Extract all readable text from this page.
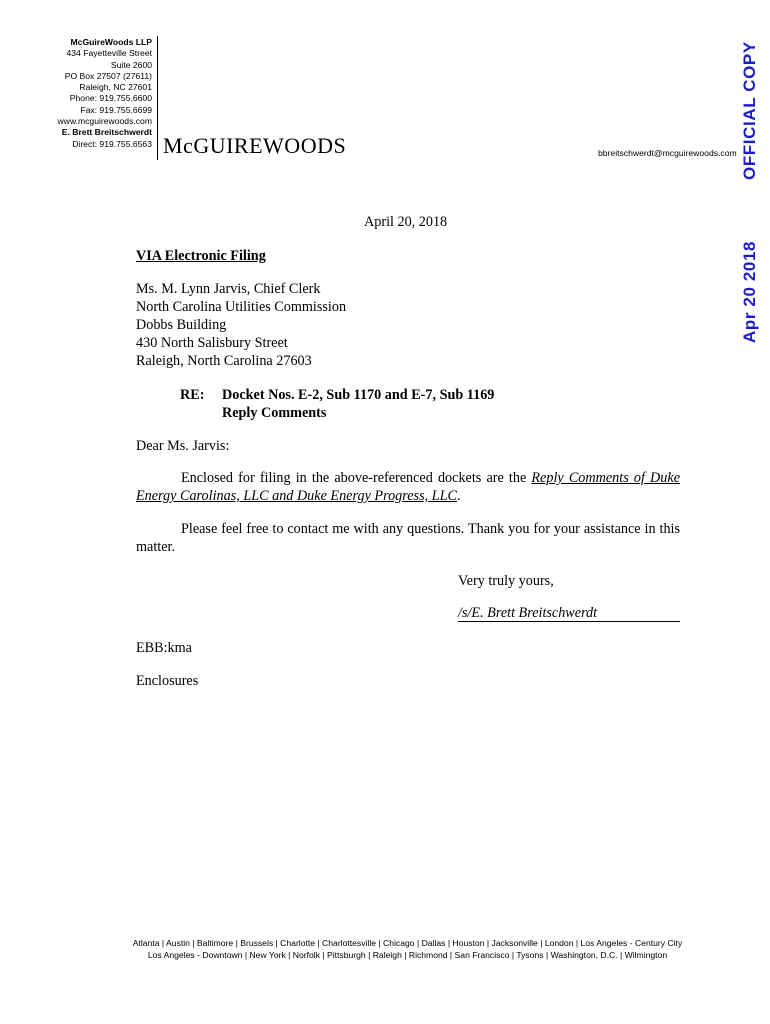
McGuireWoods LLP
434 Fayetteville Street
Suite 2600
PO Box 27507 (27611)
Raleigh, NC 27601
Phone: 919.755.6600
Fax: 919.755.6699
www.mcguirewoods.com
E. Brett Breitschwerdt
Direct: 919.755.6563 McGUIREWOODS	bbreitschwerdt@mcguirewoods.com OFFICIAL COPY
Apr 20 2018
April 20, 2018
VIA Electronic Filing
Ms. M. Lynn Jarvis, Chief Clerk
North Carolina Utilities Commission
Dobbs Building
430 North Salisbury Street
Raleigh, North Carolina 27603
RE: Docket Nos. E-2, Sub 1170 and E-7, Sub 1169
Reply Comments
Dear Ms. Jarvis:
Enclosed for filing in the above-referenced dockets are the Reply Comments of Duke Energy Carolinas, LLC and Duke Energy Progress, LLC.
Please feel free to contact me with any questions. Thank you for your assistance in this matter.
Very truly yours,
/s/E. Brett Breitschwerdt
EBB:kma
Enclosures
Atlanta | Austin | Baltimore | Brussels | Charlotte | Charlottesville | Chicago | Dallas | Houston | Jacksonville | London | Los Angeles - Century City
Los Angeles - Downtown | New York | Norfolk | Pittsburgh | Raleigh | Richmond | San Francisco | Tysons | Washington, D.C. | Wilmington
